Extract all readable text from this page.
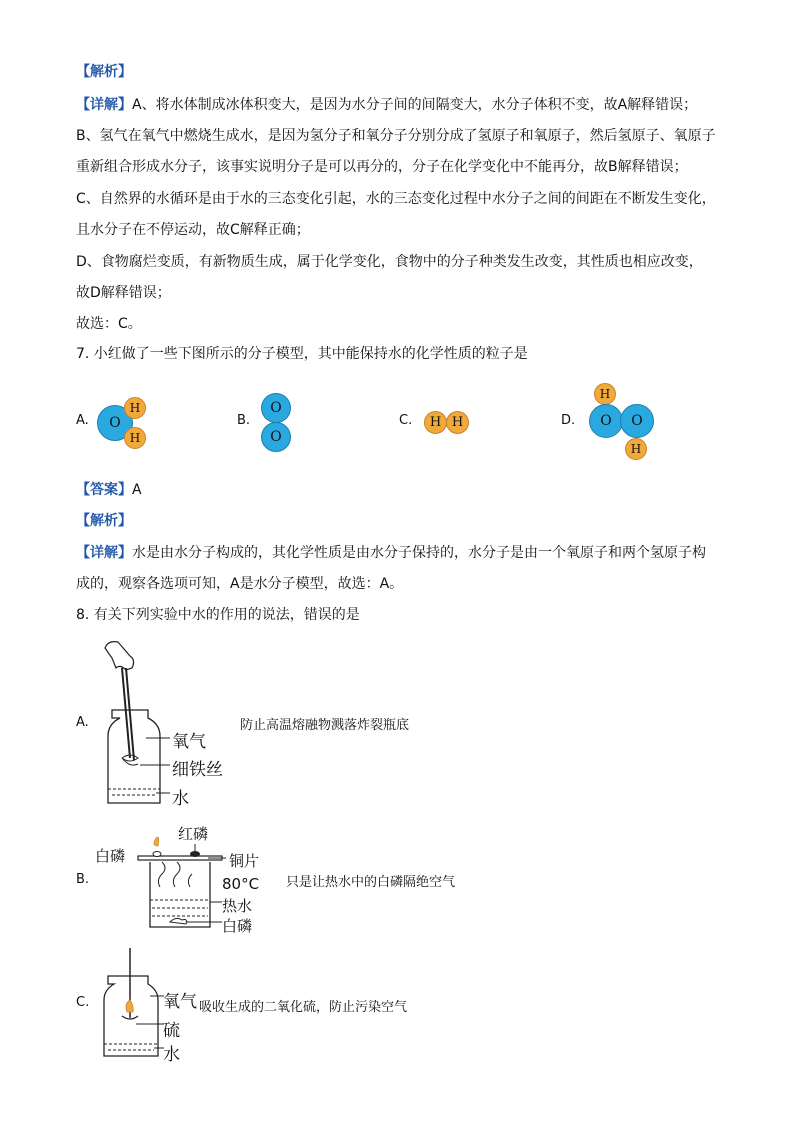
【解析】
【详解】A、将水体制成冰体积变大，是因为水分子间的间隔变大，水分子体积不变，故A解释错误；
B、氢气在氧气中燃烧生成水，是因为氢分子和氧分子分别分成了氢原子和氧原子，然后氢原子、氧原子
重新组合形成水分子，该事实说明分子是可以再分的，分子在化学变化中不能再分，故B解释错误；
C、自然界的水循环是由于水的三态变化引起，水的三态变化过程中水分子之间的间距在不断发生变化，
且水分子在不停运动，故C解释正确；
D、食物腐烂变质，有新物质生成，属于化学变化，食物中的分子种类发生改变，其性质也相应改变，
故D解释错误；
故选：C。
7. 小红做了一些下图所示的分子模型，其中能保持水的化学性质的粒子是
A. O
H
H
B.
O
O
C. H H	D.
H
O O
H
【答案】A
【解析】
【详解】水是由水分子构成的，其化学性质是由水分子保持的，水分子是由一个氧原子和两个氢原子构
成的，观察各选项可知，A是水分子模型，故选：A。
8. 有关下列实验中水的作用的说法，错误的是
A.
氧气
细铁丝
水
防止高温熔融物溅落炸裂瓶底
B.
红磷
白磷	铜片
80°C
热水
白磷
只是让热水中的白磷隔绝空气
C.	氧气
硫
水
吸收生成的二氧化硫，防止污染空气
